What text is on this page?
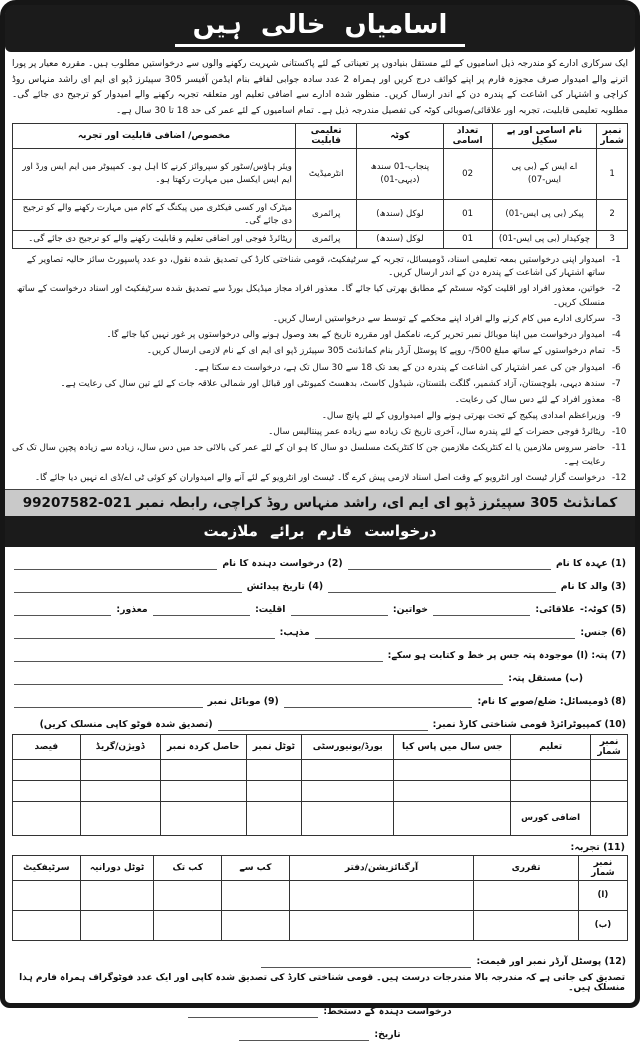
اسامیاں خالی ہیں

ایک سرکاری ادارے کو مندرجہ ذیل اسامیوں کے لئے مستقل بنیادوں پر تعیناتی کے لئے پاکستانی شہریت رکھنے والوں سے درخواستیں مطلوب ہیں۔ مقررہ معیار پر پورا اترنے والے امیدوار صرف مجوزہ فارم پر اپنے کوائف درج کریں اور ہمراہ 2 عدد سادہ جوابی لفافے بنام ایڈمن آفیسر 305 سپیئرز ڈپو ای ایم ای راشد منہاس روڈ کراچی و اشتہار کی اشاعت کے پندرہ دن کے اندر ارسال کریں۔ منظور شدہ ادارے سے اضافی تعلیم اور متعلقہ تجربہ رکھنے والے امیدوار کو ترجیح دی جائے گی۔ مطلوبہ تعلیمی قابلیت، تجربہ اور علاقائی/صوبائی کوٹہ کی تفصیل مندرجہ ذیل ہے۔ تمام اسامیوں کے لئے عمر کی حد 18 تا 30 سال ہے۔

نمبر شمار	نام اسامی اور پے سکیل	تعداد اسامی	کوٹہ	تعلیمی قابلیت	مخصوص/ اضافی قابلیت اور تجربہ
1	اے ایس کے (بی پی ایس-07)	02	پنجاب-01 سندھ (دیہی-01)	انٹرمیڈیٹ	ویئر ہاؤس/سٹور کو سپروائز کرنے کا اہل ہو۔ کمپیوٹر میں ایم ایس ورڈ اور ایم ایس ایکسل میں مہارت رکھتا ہو۔
2	پیکر (بی پی ایس-01)	01	لوکل (سندھ)	پرائمری	میٹرک اور کسی فیکٹری میں پیکنگ کے کام میں مہارت رکھنے والے کو ترجیح دی جائے گی۔
3	چوکیدار (بی پی ایس-01)	01	لوکل (سندھ)	پرائمری	ریٹائرڈ فوجی اور اضافی تعلیم و قابلیت رکھنے والے کو ترجیح دی جائے گی۔
-1
امیدوار اپنی درخواستیں بمعہ تعلیمی اسناد، ڈومیسائل، تجربہ کے سرٹیفکیٹ، قومی شناختی کارڈ کی تصدیق شدہ نقول، دو عدد پاسپورٹ سائز حالیہ تصاویر کے ساتھ اشتہار کی اشاعت کے پندرہ دن کے اندر ارسال کریں۔
-2
خواتین، معذور افراد اور اقلیت کوٹہ سسٹم کے مطابق بھرتی کیا جائے گا۔ معذور افراد مجاز میڈیکل بورڈ سے تصدیق شدہ سرٹیفکیٹ اور اسناد درخواست کے ساتھ منسلک کریں۔
-3
سرکاری ادارے میں کام کرنے والے افراد اپنے محکمے کے توسط سے درخواستیں ارسال کریں۔
-4
امیدوار درخواست میں اپنا موبائل نمبر تحریر کرے، نامکمل اور مقررہ تاریخ کے بعد وصول ہونے والی درخواستوں پر غور نہیں کیا جائے گا۔
-5
تمام درخواستوں کے ساتھ مبلغ 500/- روپے کا پوسٹل آرڈر بنام کمانڈنٹ 305 سپیئرز ڈپو ای ایم ای کے نام لازمی ارسال کریں۔
-6
امیدوار جن کی عمر اشتہار کی اشاعت کے پندرہ دن کے بعد تک 18 سے 30 سال تک ہے، درخواست دے سکتا ہے۔
-7
سندھ دیہی، بلوچستان، آزاد کشمیر، گلگت بلتستان، شیڈول کاسٹ، بدھسٹ کمیونٹی اور قبائل اور شمالی علاقہ جات کے لئے تین سال کی رعایت ہے۔
-8
معذور افراد کے لئے دس سال کی رعایت۔
-9
وزیراعظم امدادی پیکیج کے تحت بھرتی ہونے والے امیدواروں کے لئے پانچ سال۔
-10
ریٹائرڈ فوجی حضرات کے لئے پندرہ سال، آخری تاریخ تک زیادہ سے زیادہ عمر پینتالیس سال۔
-11
حاضر سروس ملازمین یا اے کنٹریکٹ ملازمین جن کا کنٹریکٹ مسلسل دو سال کا ہو ان کے لئے عمر کی بالائی حد میں دس سال، زیادہ سے زیادہ پچپن سال تک کی رعایت ہے۔
-12
درخواست گزار ٹیسٹ اور انٹرویو کے وقت اصل اسناد لازمی پیش کرے گا۔ ٹیسٹ اور انٹرویو کے لئے آنے والے امیدواران کو کوئی ٹی اے/ڈی اے نہیں دیا جائے گا۔
کمانڈنٹ 305 سپیئرز ڈپو ای ایم ای، راشد منہاس روڈ کراچی، رابطہ نمبر 021-99207582
درخواست فارم برائے ملازمت
(1) عہدہ کا نام
(2) درخواست دہندہ کا نام
(3) والد کا نام
(4) تاریخ پیدائش
(5) کوٹہ:-
علاقائی:
خواتین:
اقلیت:
معذور:
(6) جنس:
مذہب:
(7) پتہ: (ا) موجودہ پتہ جس پر خط و کتابت ہو سکے:
(ب) مستقل پتہ:
(8) ڈومیسائل: ضلع/صوبے کا نام:
(9) موبائل نمبر
(10) کمپیوٹرائزڈ قومی شناختی کارڈ نمبر:
(تصدیق شدہ فوٹو کاپی منسلک کریں)
نمبر شمار	تعلیم	جس سال میں پاس کیا	بورڈ/یونیورسٹی	ٹوٹل نمبر	حاصل کردہ نمبر	ڈویژن/گریڈ	فیصد

	اضافی کورس						
(11) تجربہ:
نمبر شمار	تقرری	آرگنائزیشن/دفتر	کب سے	کب تک	ٹوٹل دورانیہ	سرٹیفکیٹ
(ا)						
(ب)						
(12) پوسٹل آرڈر نمبر اور قیمت:

تصدیق کی جاتی ہے کہ مندرجہ بالا مندرجات درست ہیں۔ قومی شناختی کارڈ کی تصدیق شدہ کاپی اور ایک عدد فوٹوگراف ہمراہ فارم ہذا منسلک ہیں۔

درخواست دہندہ کے دستخط:
تاریخ:
